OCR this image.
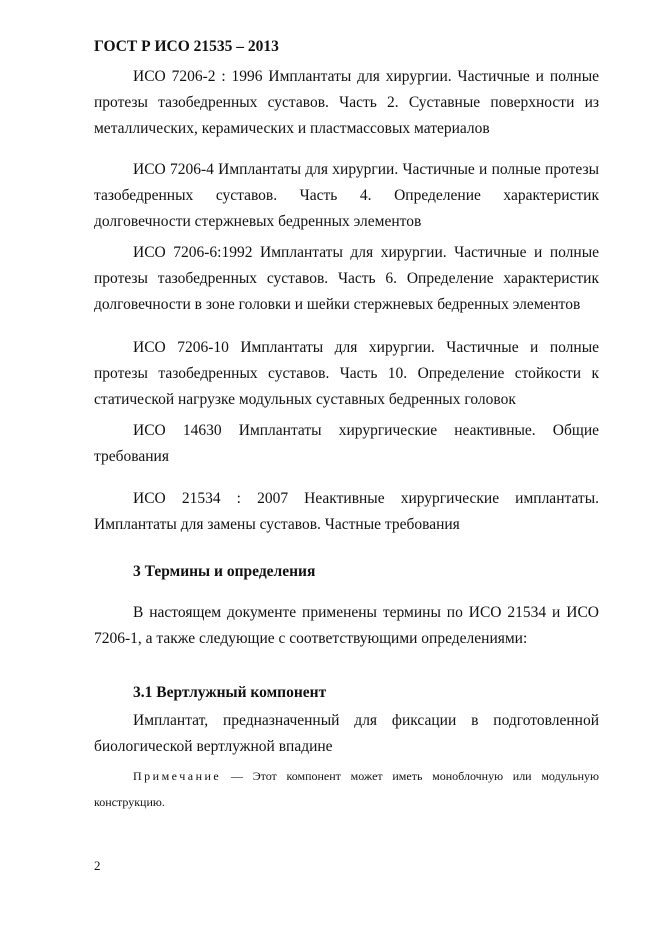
ГОСТ Р ИСО 21535 – 2013
ИСО 7206-2 : 1996 Имплантаты для хирургии. Частичные и полные протезы тазобедренных суставов. Часть 2. Суставные поверхности из металлических, керамических и пластмассовых материалов
ИСО 7206-4 Имплантаты для хирургии. Частичные и полные протезы тазобедренных суставов. Часть 4. Определение характеристик долговечности стержневых бедренных элементов
ИСО 7206-6:1992 Имплантаты для хирургии. Частичные и полные протезы тазобедренных суставов. Часть 6. Определение характеристик долговечности в зоне головки и шейки стержневых бедренных элементов
ИСО 7206-10 Имплантаты для хирургии. Частичные и полные протезы тазобедренных суставов. Часть 10. Определение стойкости к статической нагрузке модульных суставных бедренных головок
ИСО 14630 Имплантаты хирургические неактивные. Общие требования
ИСО 21534 : 2007 Неактивные хирургические имплантаты. Имплантаты для замены суставов. Частные требования
3 Термины и определения
В настоящем документе применены термины по ИСО 21534 и ИСО 7206-1, а также следующие с соответствующими определениями:
3.1 Вертлужный компонент
Имплантат, предназначенный для фиксации в подготовленной биологической вертлужной впадине
Примечание — Этот компонент может иметь моноблочную или модульную конструкцию.
2
